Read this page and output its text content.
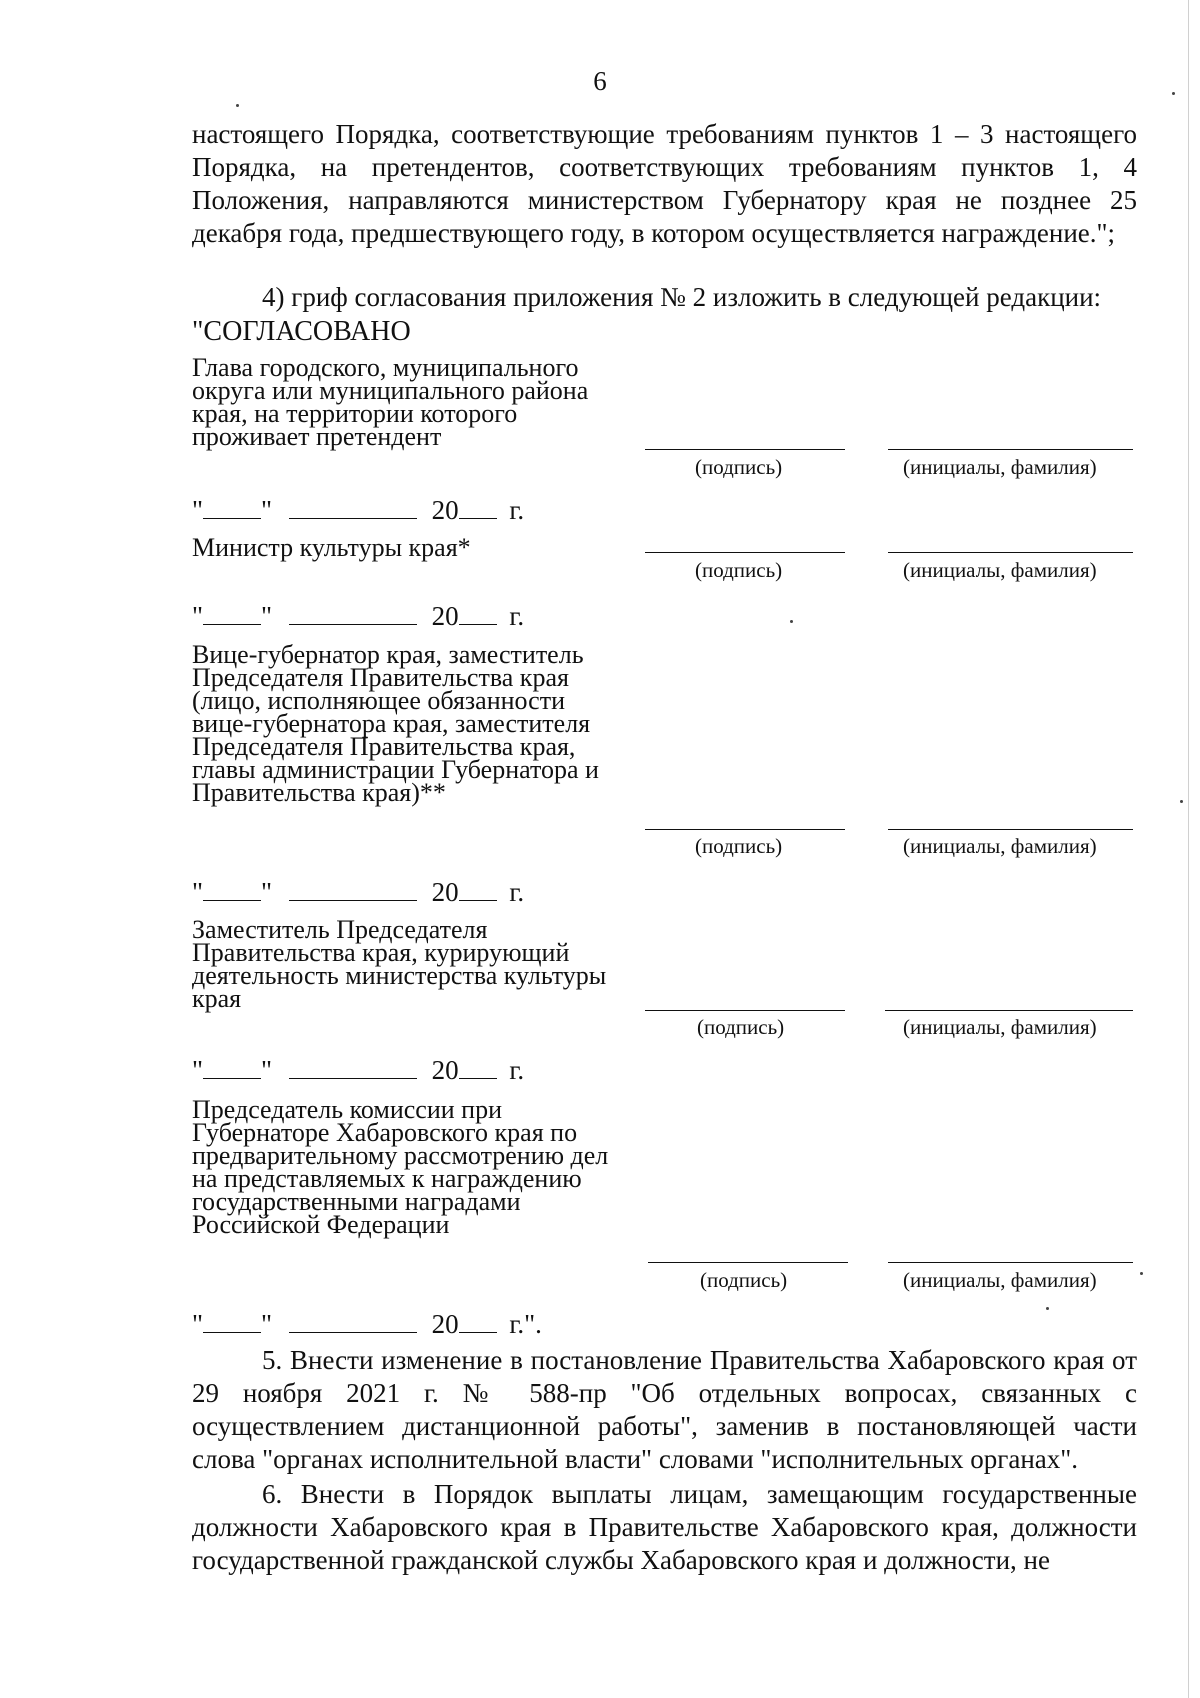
6
настоящего Порядка, соответствующие требованиям пунктов 1 – 3 настоящего Порядка, на претендентов, соответствующих требованиям пунктов 1, 4 Положения, направляются министерством Губернатору края не позднее 25 декабря года, предшествующего году, в котором осуществляется награждение.";
4) гриф согласования приложения № 2 изложить в следующей редакции:
"СОГЛАСОВАНО
Глава городского, муниципального округа или муниципального района края, на территории которого проживает претендент
(подпись)	(инициалы, фамилия)
" "	20 г.
Министр культуры края*
(подпись)	(инициалы, фамилия)
" "	20 г.
Вице-губернатор края, заместитель Председателя Правительства края (лицо, исполняющее обязанности вице-губернатора края, заместителя Председателя Правительства края, главы администрации Губернатора и Правительства края)**
(подпись)	(инициалы, фамилия)
" "	20 г.
Заместитель Председателя Правительства края, курирующий деятельность министерства культуры края
(подпись)	(инициалы, фамилия)
" "	20 г.
Председатель комиссии при Губернаторе Хабаровского края по предварительному рассмотрению дел на представляемых к награждению государственными наградами Российской Федерации
(подпись)	(инициалы, фамилия)
" "	20 г.".
5. Внести изменение в постановление Правительства Хабаровского края от 29 ноября 2021 г. № 588-пр "Об отдельных вопросах, связанных с осуществлением дистанционной работы", заменив в постановляющей части слова "органах исполнительной власти" словами "исполнительных органах".
6. Внести в Порядок выплаты лицам, замещающим государственные должности Хабаровского края в Правительстве Хабаровского края, должности государственной гражданской службы Хабаровского края и должности, не
